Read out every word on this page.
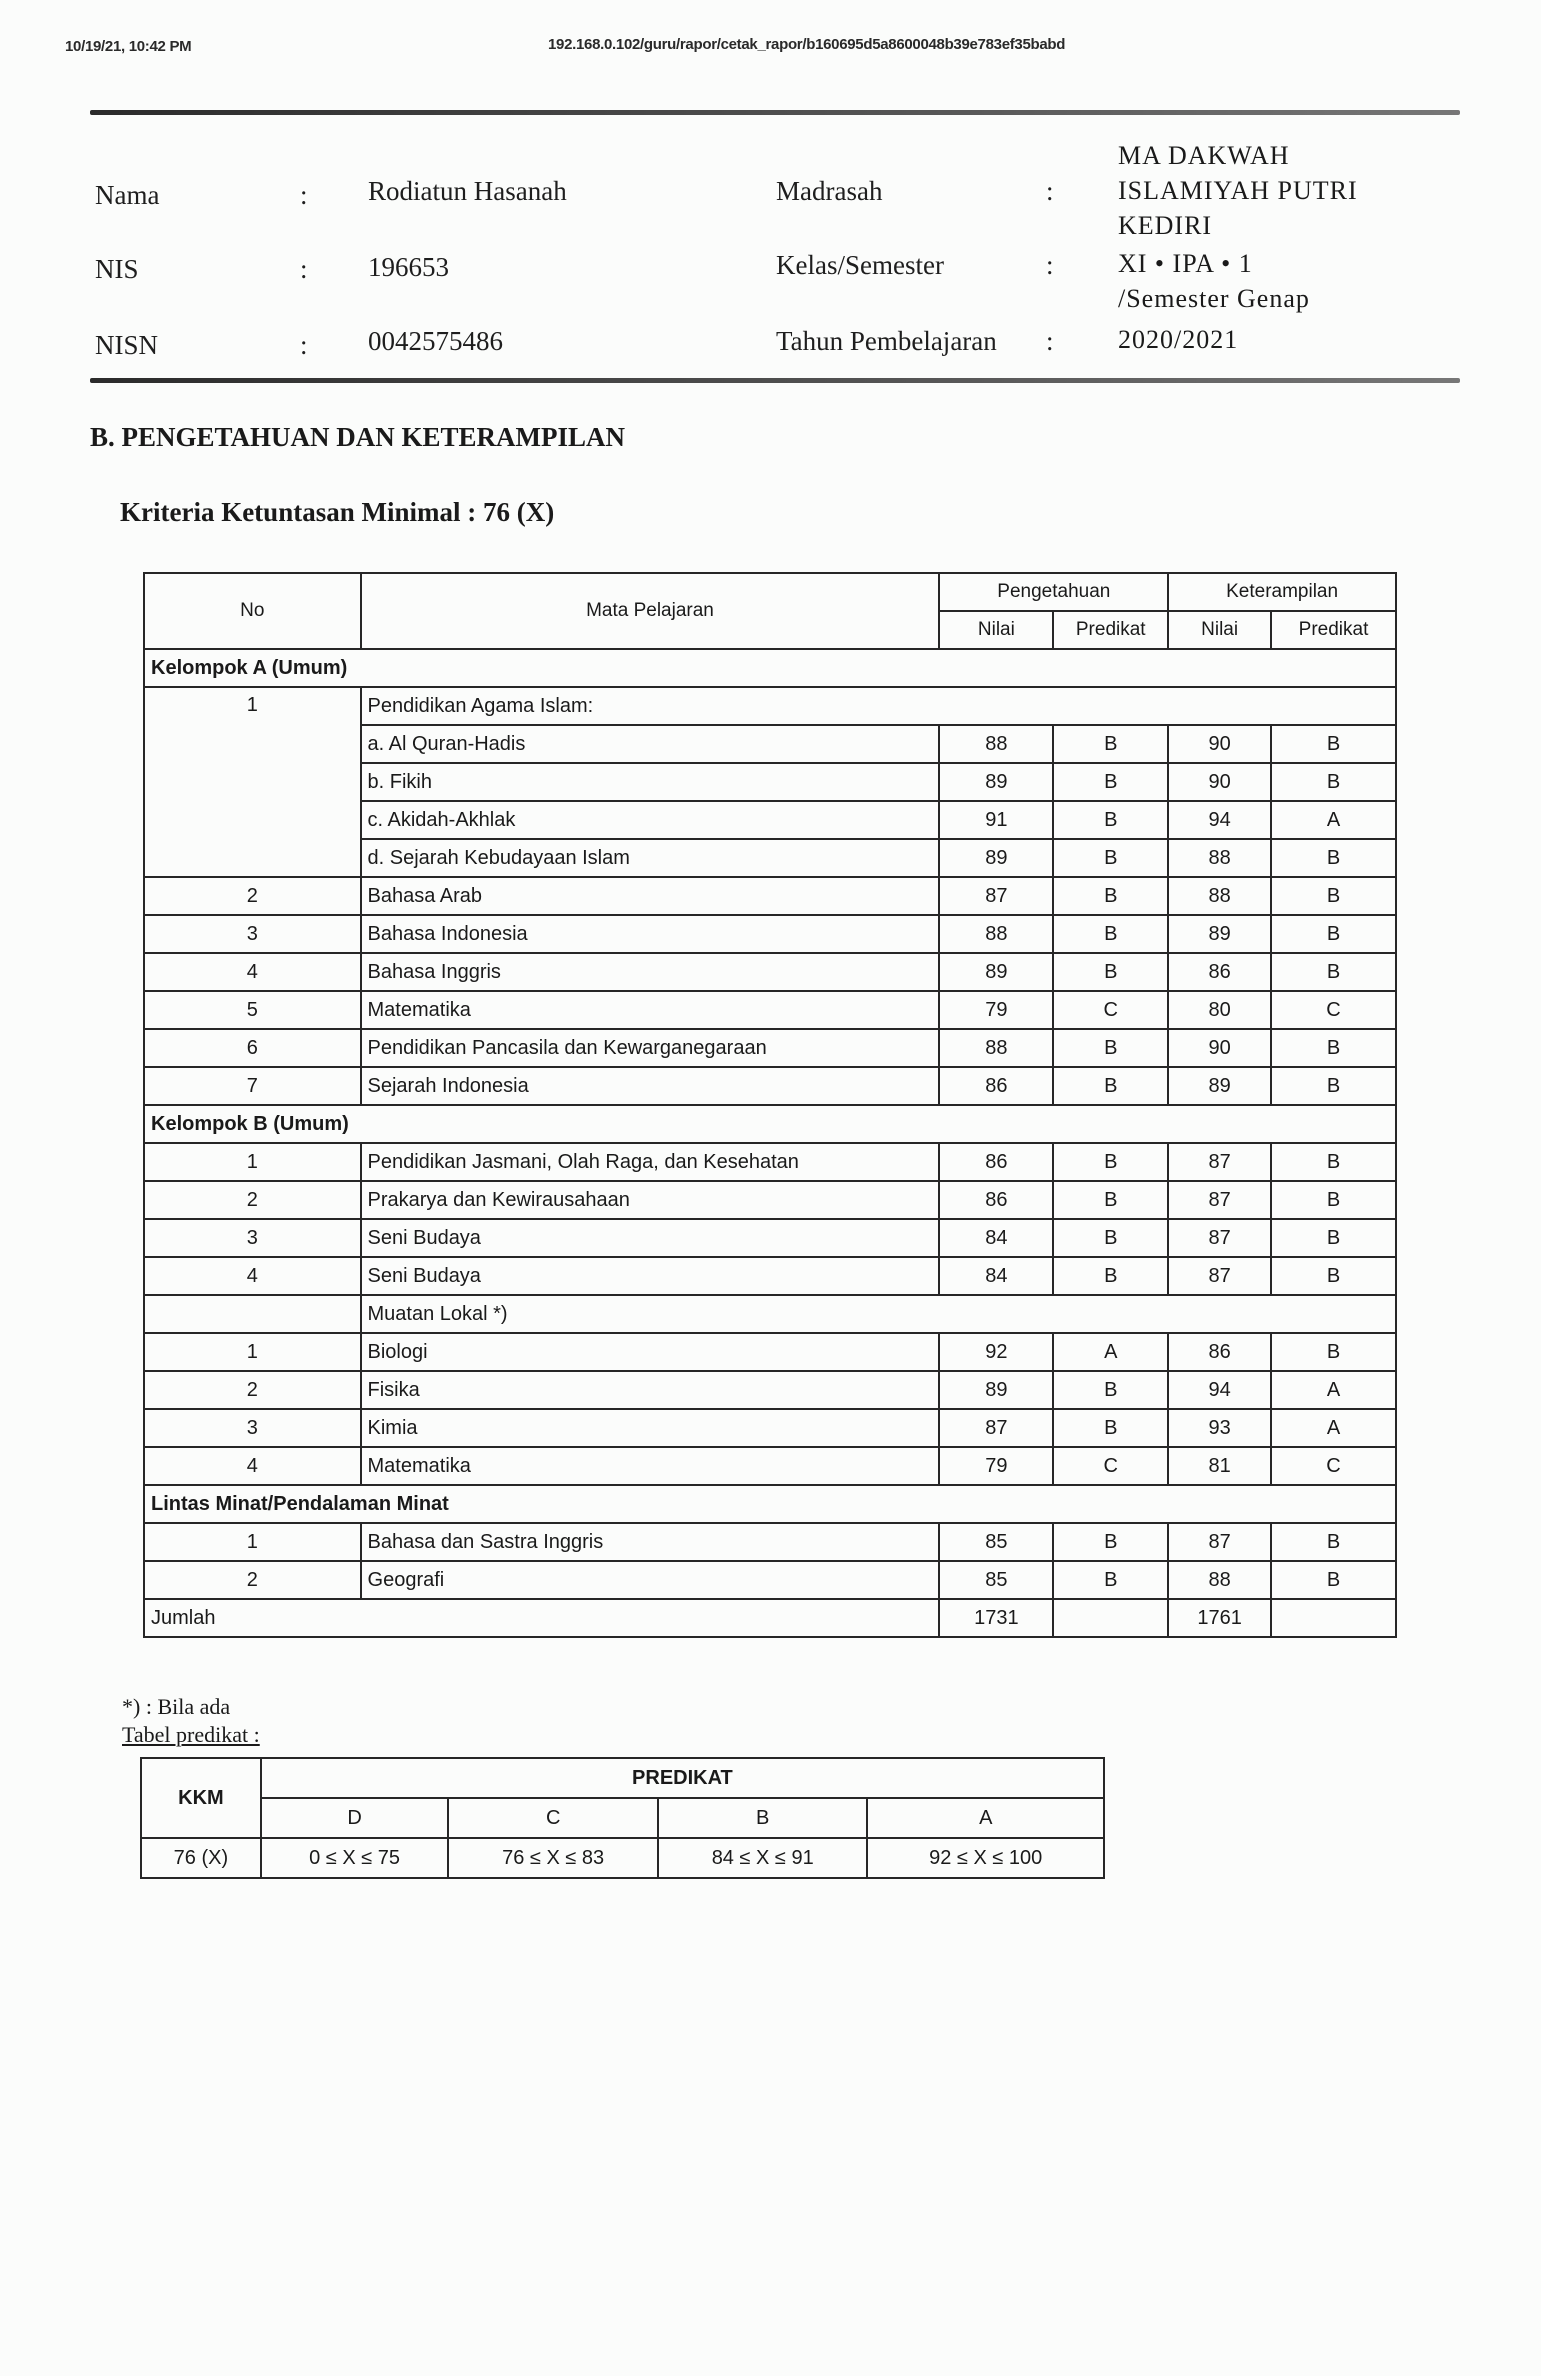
10/19/21, 10:42 PM	192.168.0.102/guru/rapor/cetak_rapor/b160695d5a8600048b39e783ef35babd
Nama	: Rodiatun Hasanah
NIS	: 196653
NISN	: 0042575486
Madrasah	:
MA DAKWAH
ISLAMIYAH PUTRI
KEDIRI
Kelas/Semester	: XI • IPA • 1
/Semester Genap
Tahun Pembelajaran : 2020/2021
B. PENGETAHUAN DAN KETERAMPILAN
Kriteria Ketuntasan Minimal : 76 (X)
No	Mata Pelajaran	Pengetahuan		Keterampilan	
		Nilai	Predikat	Nilai	Predikat
Kelompok A (Umum)					
1	Pendidikan Agama Islam:				
	a. Al Quran-Hadis	88	B	90	B
	b. Fikih	89	B	90	B
	c. Akidah-Akhlak	91	B	94	A
	d. Sejarah Kebudayaan Islam	89	B	88	B
2	Bahasa Arab	87	B	88	B
3	Bahasa Indonesia	88	B	89	B
4	Bahasa Inggris	89	B	86	B
5	Matematika	79	C	80	C
6	Pendidikan Pancasila dan Kewarganegaraan	88	B	90	B
7	Sejarah Indonesia	86	B	89	B
Kelompok B (Umum)					
1	Pendidikan Jasmani, Olah Raga, dan Kesehatan	86	B	87	B
2	Prakarya dan Kewirausahaan	86	B	87	B
3	Seni Budaya	84	B	87	B
4	Seni Budaya	84	B	87	B
	Muatan Lokal *)				
1	Biologi	92	A	86	B
2	Fisika	89	B	94	A
3	Kimia	87	B	93	A
4	Matematika	79	C	81	C
Lintas Minat/Pendalaman Minat					
1	Bahasa dan Sastra Inggris	85	B	87	B
2	Geografi	85	B	88	B
Jumlah		1731		1761	
*) : Bila ada
Tabel predikat :
KKM	PREDIKAT			
	D	C	B	A
76 (X)	0 ≤ X ≤ 75	76 ≤ X ≤ 83	84 ≤ X ≤ 91	92 ≤ X ≤ 100
